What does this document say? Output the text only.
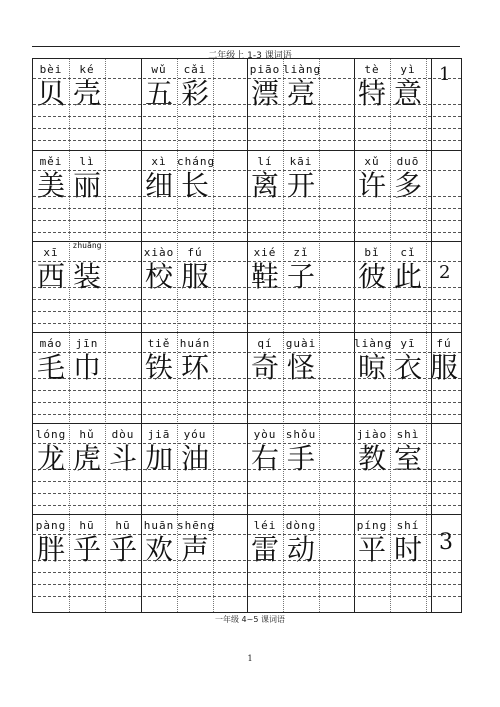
二年级上 1-3 课词语
bèi
贝
ké
壳
wǔ
五
cǎi
彩
piāo
漂
liàng
亮
tè
特
yì
意
měi
美
lì
丽
xì
细
cháng
长
lí
离
kāi
开
xǔ
许
duō
多
xī
西
zhuāng
装
xiào
校
fú
服
xié
鞋
zǐ
子
bǐ
彼
cǐ
此
máo
毛
jīn
巾
tiě
铁
huán
环
qí
奇
guài
怪
liàng
晾
yī
衣
fú
服
lóng
龙
hǔ
虎
dòu
斗
jiā
加
yóu
油
yòu
右
shǒu
手
jiào
教
shì
室
pàng
胖
hū
乎
hū
乎
huān
欢
shēng
声
léi
雷
dòng
动
píng
平
shí
时
1
2
3
一年级 4~5 课词语
1
